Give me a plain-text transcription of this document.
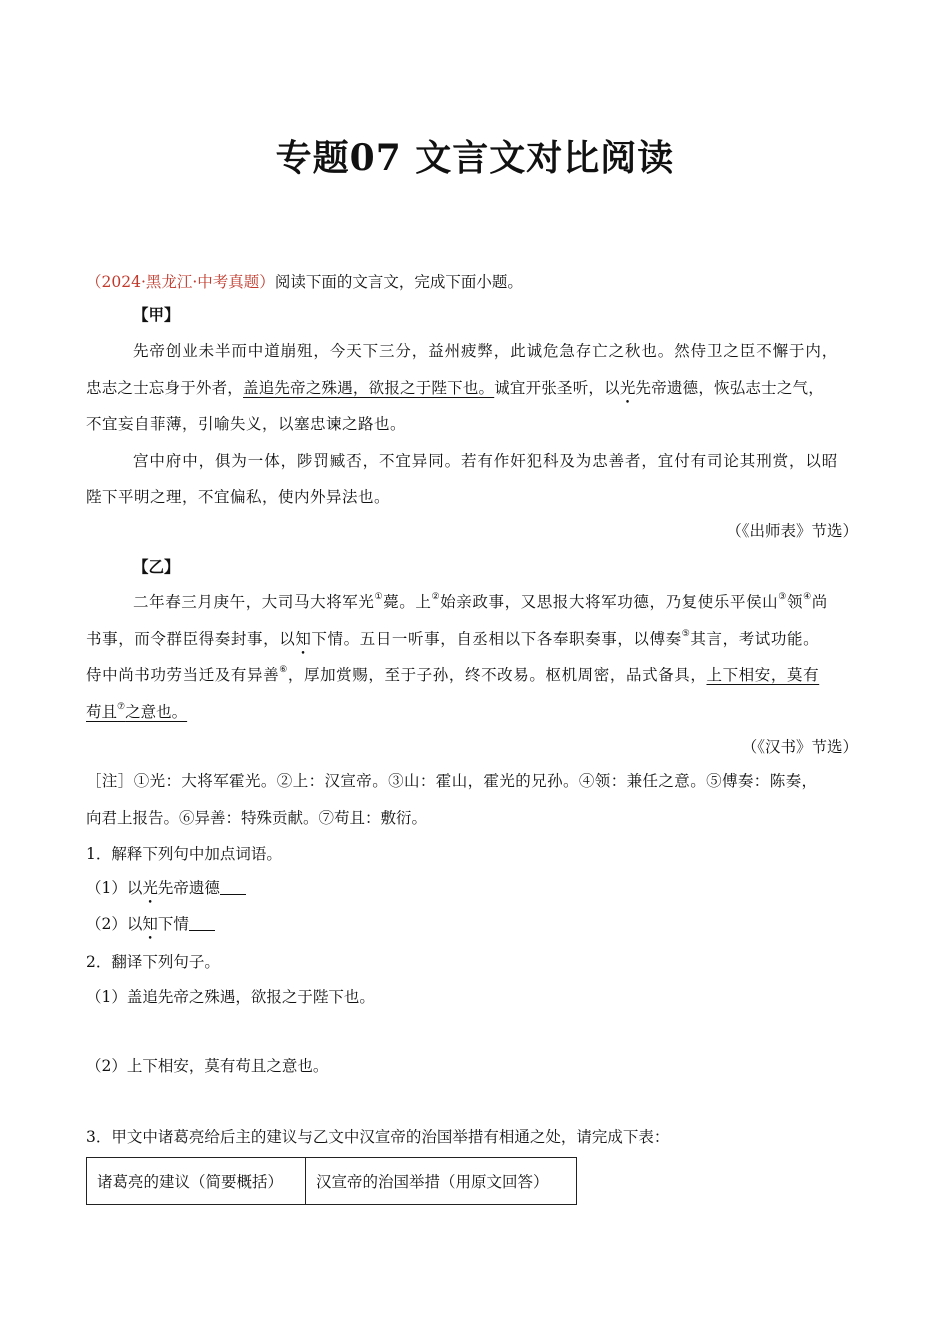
专题07 文言文对比阅读
（2024·黑龙江·中考真题）阅读下面的文言文，完成下面小题。
【甲】
先帝创业未半而中道崩殂，今天下三分，益州疲弊，此诚危急存亡之秋也。然侍卫之臣不懈于内，
忠志之士忘身于外者，盖追先帝之殊遇，欲报之于陛下也。诚宜开张圣听，以光先帝遗德，恢弘志士之气，
不宜妄自菲薄，引喻失义，以塞忠谏之路也。
宫中府中，俱为一体，陟罚臧否，不宜异同。若有作奸犯科及为忠善者，宜付有司论其刑赏，以昭
陛下平明之理，不宜偏私，使内外异法也。
（《出师表》节选）
【乙】
二年春三月庚午，大司马大将军光①薨。上②始亲政事，又思报大将军功德，乃复使乐平侯山③领④尚
书事，而令群臣得奏封事，以知下情。五日一听事，自丞相以下各奉职奏事，以傅奏⑤其言，考试功能。
侍中尚书功劳当迁及有异善⑥，厚加赏赐，至于子孙，终不改易。枢机周密，品式备具，上下相安，莫有
苟且⑦之意也。
（《汉书》节选）
［注］①光：大将军霍光。②上：汉宣帝。③山：霍山，霍光的兄孙。④领：兼任之意。⑤傅奏：陈奏，
向君上报告。⑥异善：特殊贡献。⑦苟且：敷衍。
1．解释下列句中加点词语。
（1）以光先帝遗德
（2）以知下情
2．翻译下列句子。
（1）盖追先帝之殊遇，欲报之于陛下也。
（2）上下相安，莫有苟且之意也。
3．甲文中诸葛亮给后主的建议与乙文中汉宣帝的治国举措有相通之处，请完成下表：
诸葛亮的建议（简要概括）	汉宣帝的治国举措（用原文回答）
